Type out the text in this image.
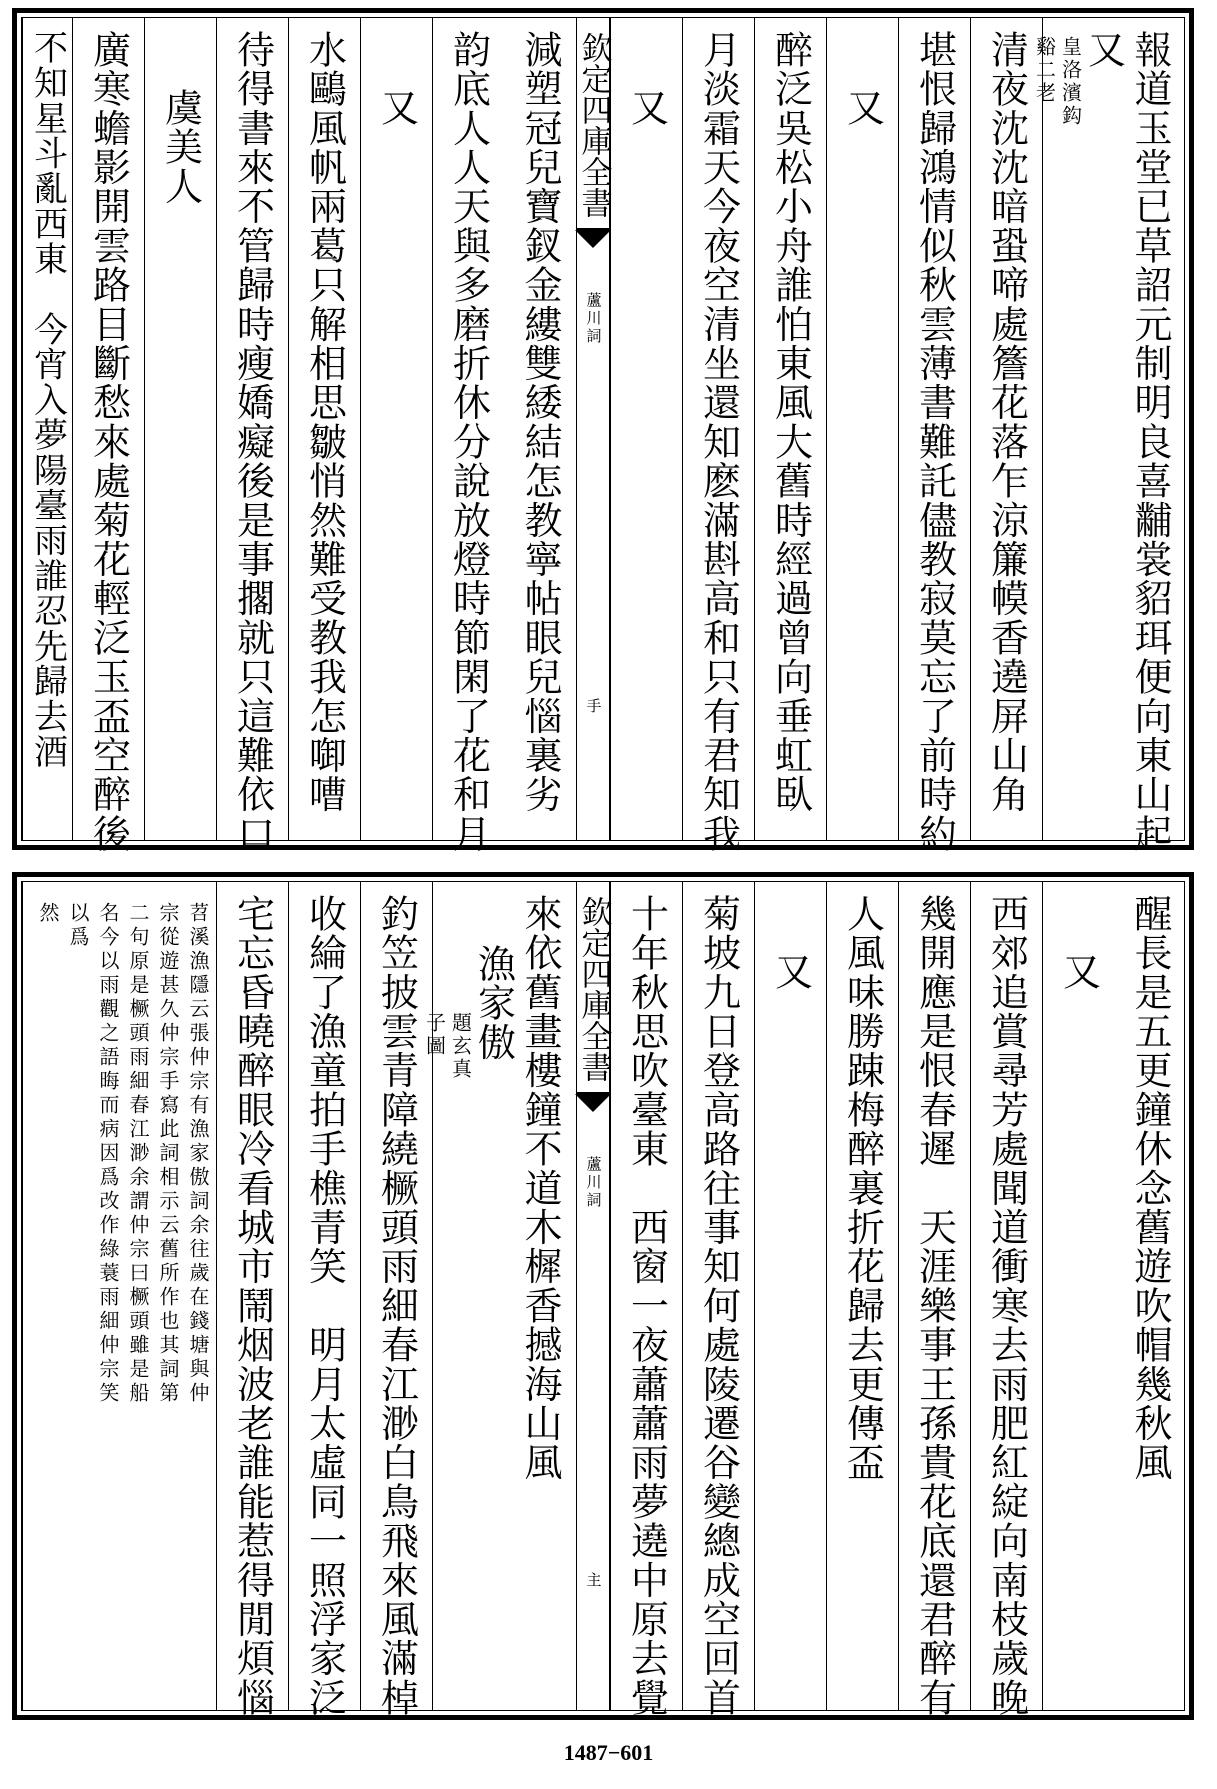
報道玉堂已草詔元制明良喜黼裳貂珥便向東山起
又
皇洛濱鈎
谿二老
清夜沈沈暗蛩啼處簷花落乍涼簾幙香遶屏山角
堪恨歸鴻情似秋雲薄書難託儘教寂莫忘了前時約
又
醉泛吳松小舟誰怕東風大舊時經過曾向垂虹臥
月淡霜天今夜空清坐還知麽滿斟高和只有君知我
又
欽定四庫全書
蘆川詞
手
減塑冠兒寶釵金縷雙緌結怎教寧帖眼兒惱裏劣
韵底人人天與多磨折休分說放燈時節閑了花和月
又
水鷗風帆兩葛只解相思皺悄然難受教我怎啣嘈
待得書來不管歸時瘦嬌癡後是事擱就只這難依口
虞美人
廣寒蟾影開雲路目斷愁來處菊花輕泛玉盃空醉後
不知星斗亂西東　今宵入夢陽臺雨誰忍先歸去酒
醒長是五更鐘休念舊遊吹帽幾秋風
又
西郊追賞尋芳處聞道衝寒去雨肥紅綻向南枝歲晚
幾開應是恨春遲　天涯樂事王孫貴花底還君醉有
人風味勝踈梅醉裏折花歸去更傳盃
又
菊坡九日登高路往事知何處陵遷谷變總成空回首
十年秋思吹臺東　西窗一夜蕭蕭雨夢遶中原去覺
欽定四庫全書
蘆川詞
主
來依舊畫樓鐘不道木樨香撼海山風
漁家傲
題玄真
子圖
釣笠披雲青障繞橛頭雨細春江渺白鳥飛來風滿棹
收綸了漁童拍手樵青笑　明月太虛同一照浮家泛
宅忘昏曉醉眼冷看城市鬧烟波老誰能惹得閒煩惱
苕溪漁隱云張仲宗有漁家傲詞余往歲在錢塘與仲
宗從遊甚久仲宗手寫此詞相示云舊所作也其詞第
二句原是橛頭雨細春江渺余謂仲宗曰橛頭雖是船
名今以雨觀之語晦而病因爲改作綠蓑雨細仲宗笑
以爲
然
1487−601
